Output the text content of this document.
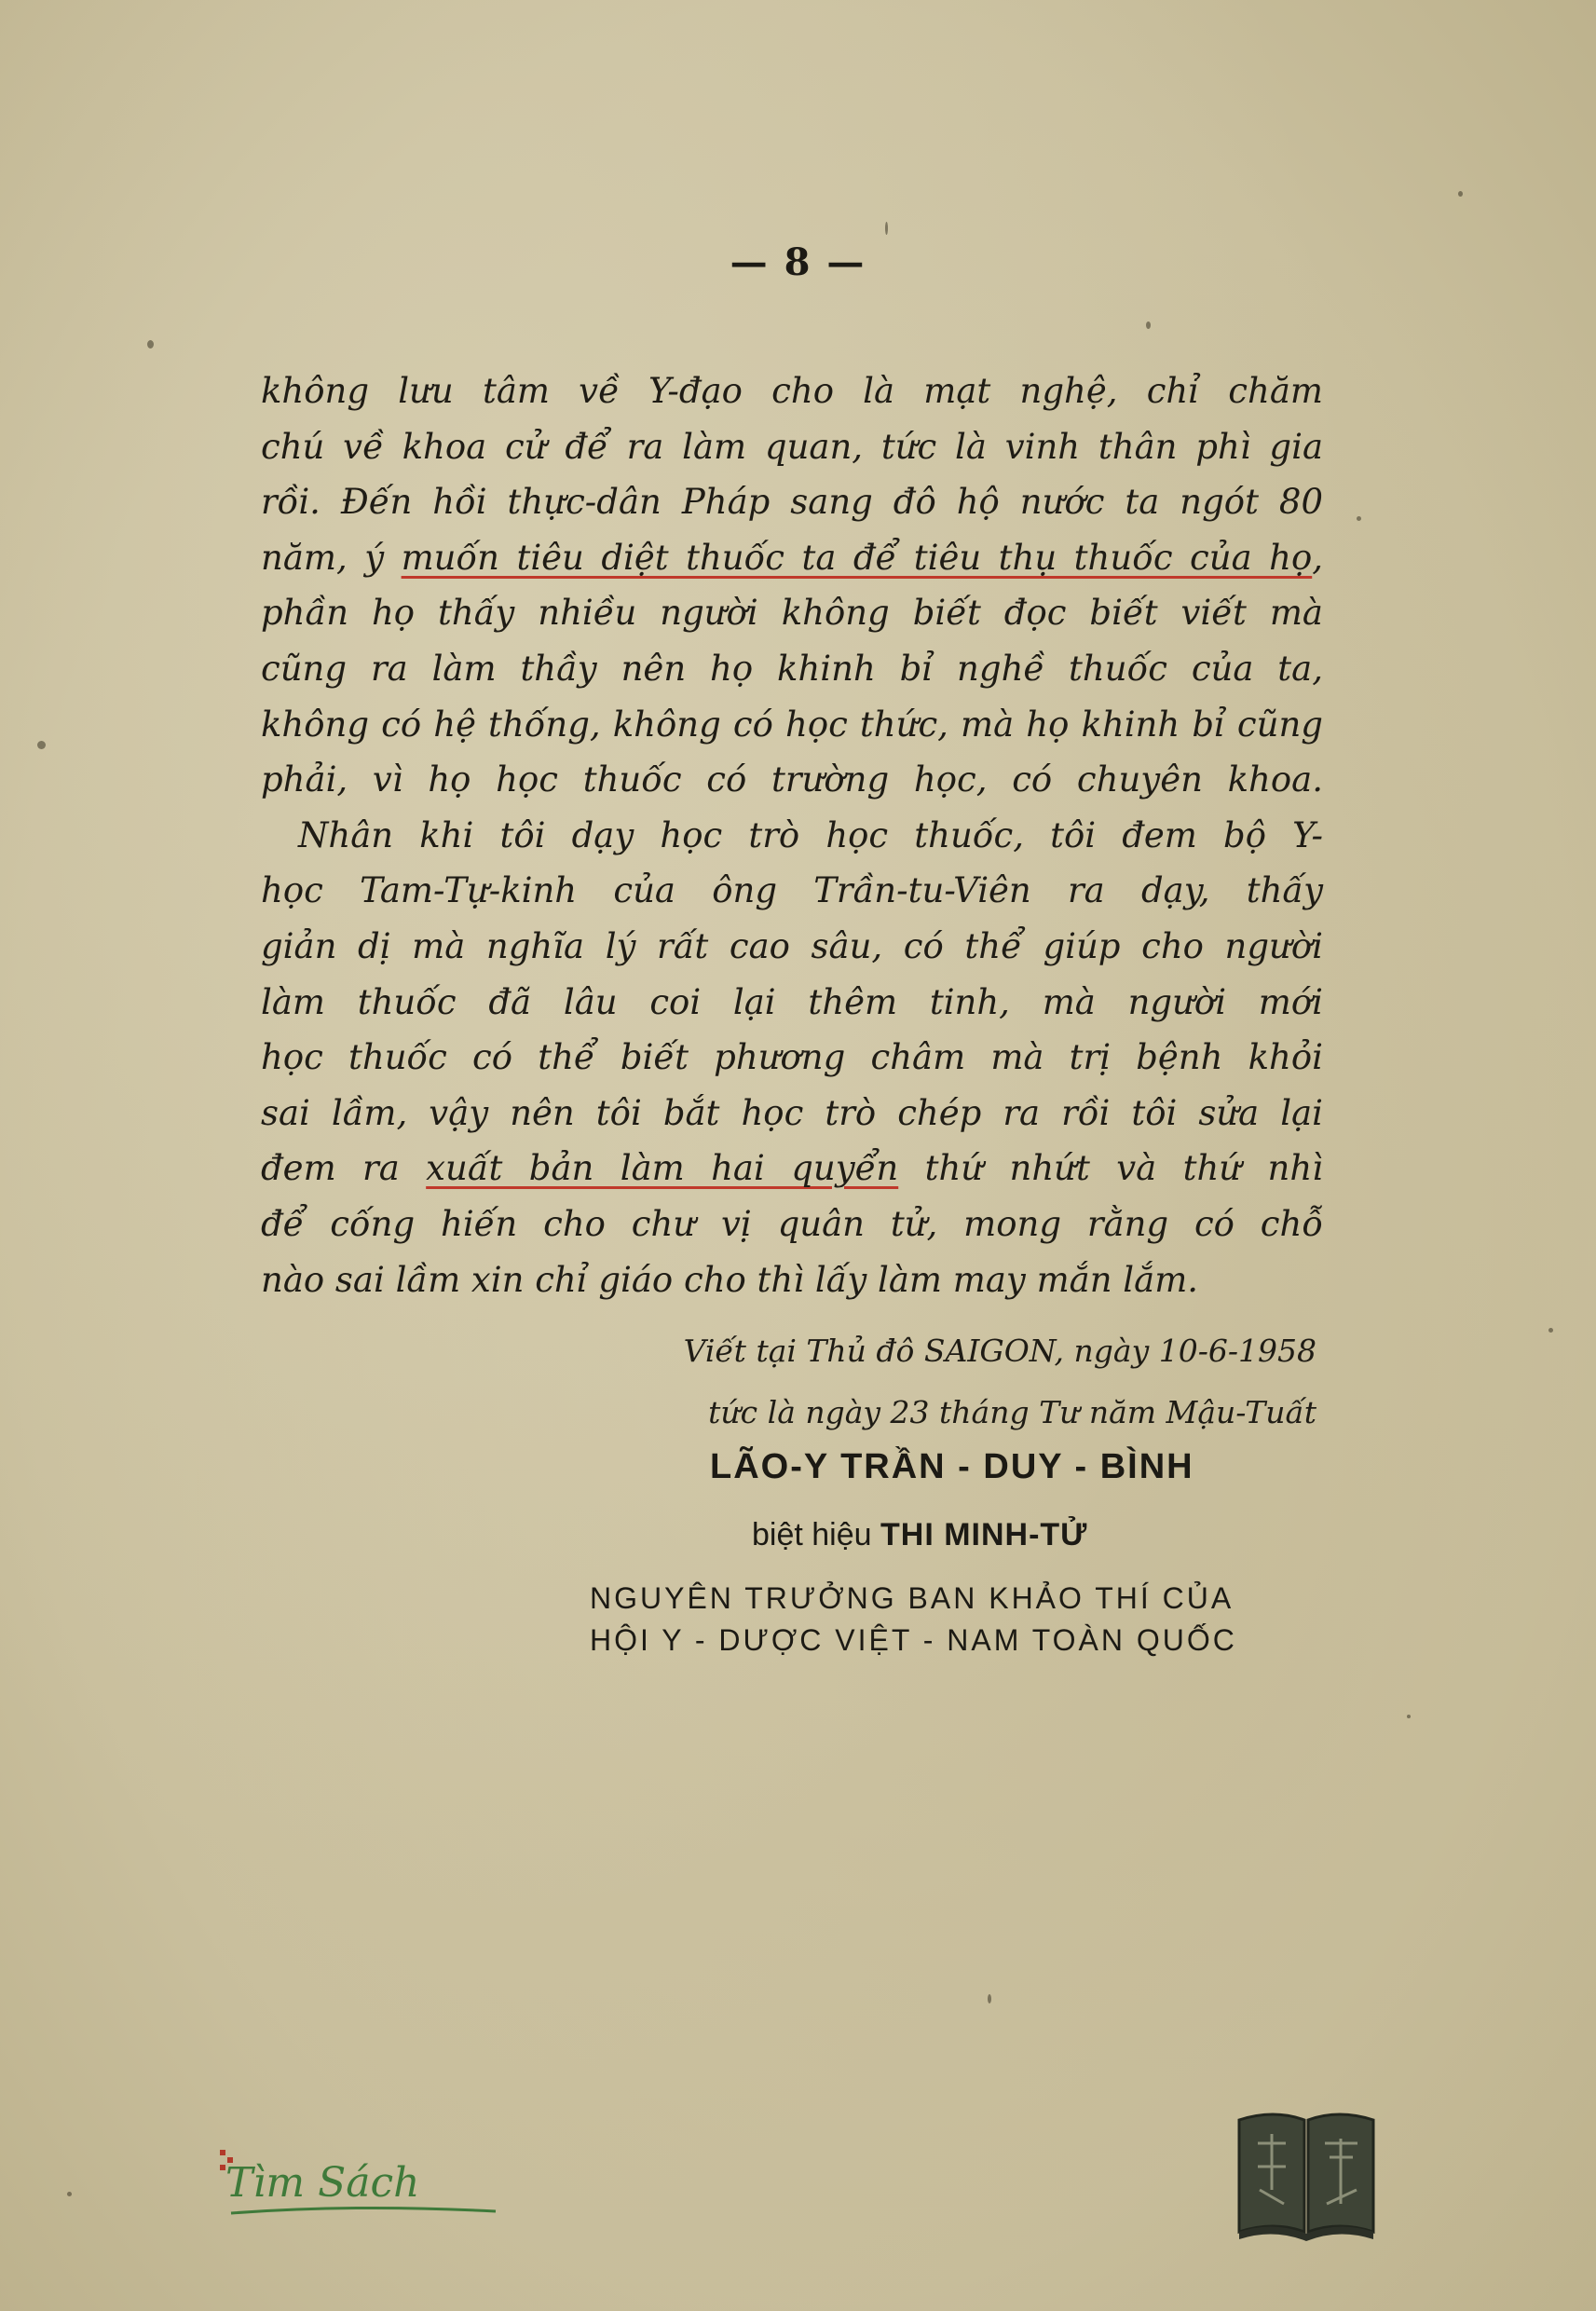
— 8 —
không lưu tâm về Y-đạo cho là mạt nghệ, chỉ chăm
chú về khoa cử để ra làm quan, tức là vinh thân phì gia
rồi. Đến hồi thực-dân Pháp sang đô hộ nước ta ngót 80
năm, ý muốn tiêu diệt thuốc ta để tiêu thụ thuốc của họ,
phần họ thấy nhiều người không biết đọc biết viết mà
cũng ra làm thầy nên họ khinh bỉ nghề thuốc của ta,
không có hệ thống, không có học thức, mà họ khinh bỉ cũng
phải, vì họ học thuốc có trường học, có chuyên khoa.
Nhân khi tôi dạy học trò học thuốc, tôi đem bộ Y-
học Tam-Tự-kinh của ông Trần-tu-Viên ra dạy, thấy
giản dị mà nghĩa lý rất cao sâu, có thể giúp cho người
làm thuốc đã lâu coi lại thêm tinh, mà người mới
học thuốc có thể biết phương châm mà trị bệnh khỏi
sai lầm, vậy nên tôi bắt học trò chép ra rồi tôi sửa lại
đem ra xuất bản làm hai quyển thứ nhứt và thứ nhì
để cống hiến cho chư vị quân tử, mong rằng có chỗ
nào sai lầm xin chỉ giáo cho thì lấy làm may mắn lắm.
Viết tại Thủ đô SAIGON, ngày 10-6-1958
tức là ngày 23 tháng Tư năm Mậu-Tuất
LÃO-Y TRẦN - DUY - BÌNH
biệt hiệu THI MINH-TỬ
NGUYÊN TRƯỞNG BAN KHẢO THÍ CỦA
HỘI Y - DƯỢC VIỆT - NAM TOÀN QUỐC
Tìm Sách
